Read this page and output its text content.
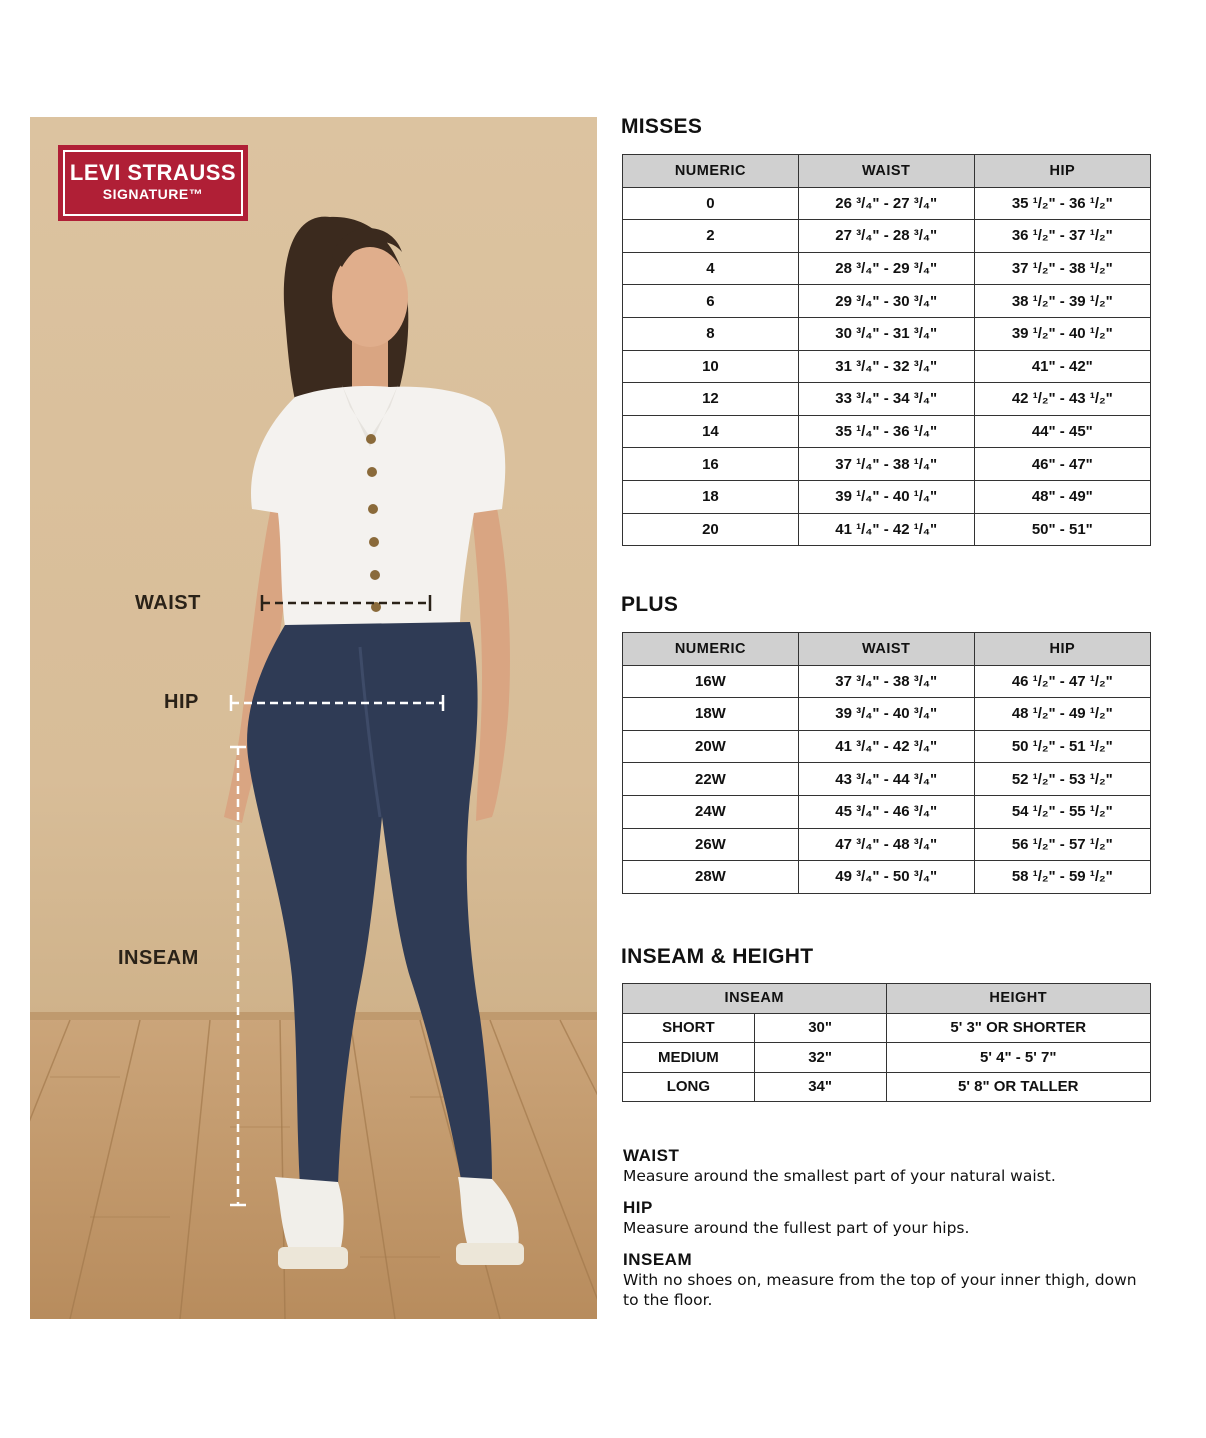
LEVI STRAUSS
SIGNATURE™
WAIST
HIP
INSEAM
MISSES
NUMERIC	WAIST	HIP
0	26 ³/₄" - 27 ³/₄"	35 ¹/₂" - 36 ¹/₂"
2	27 ³/₄" - 28 ³/₄"	36 ¹/₂" - 37 ¹/₂"
4	28 ³/₄" - 29 ³/₄"	37 ¹/₂" - 38 ¹/₂"
6	29 ³/₄" - 30 ³/₄"	38 ¹/₂" - 39 ¹/₂"
8	30 ³/₄" - 31 ³/₄"	39 ¹/₂" - 40 ¹/₂"
10	31 ³/₄" - 32 ³/₄"	41" - 42"
12	33 ³/₄" - 34 ³/₄"	42 ¹/₂" - 43 ¹/₂"
14	35 ¹/₄" - 36 ¹/₄"	44" - 45"
16	37 ¹/₄" - 38 ¹/₄"	46" - 47"
18	39 ¹/₄" - 40 ¹/₄"	48" - 49"
20	41 ¹/₄" - 42 ¹/₄"	50" - 51"
PLUS
NUMERIC	WAIST	HIP
16W	37 ³/₄" - 38 ³/₄"	46 ¹/₂" - 47 ¹/₂"
18W	39 ³/₄" - 40 ³/₄"	48 ¹/₂" - 49 ¹/₂"
20W	41 ³/₄" - 42 ³/₄"	50 ¹/₂" - 51 ¹/₂"
22W	43 ³/₄" - 44 ³/₄"	52 ¹/₂" - 53 ¹/₂"
24W	45 ³/₄" - 46 ³/₄"	54 ¹/₂" - 55 ¹/₂"
26W	47 ³/₄" - 48 ³/₄"	56 ¹/₂" - 57 ¹/₂"
28W	49 ³/₄" - 50 ³/₄"	58 ¹/₂" - 59 ¹/₂"
INSEAM & HEIGHT
INSEAM		HEIGHT
SHORT	30"	5' 3" OR SHORTER
MEDIUM	32"	5' 4" - 5' 7"
LONG	34"	5' 8" OR TALLER
WAIST

Measure around the smallest part of your natural waist.

HIP

Measure around the fullest part of your hips.

INSEAM

With no shoes on, measure from the top of your inner thigh, down to the floor.
